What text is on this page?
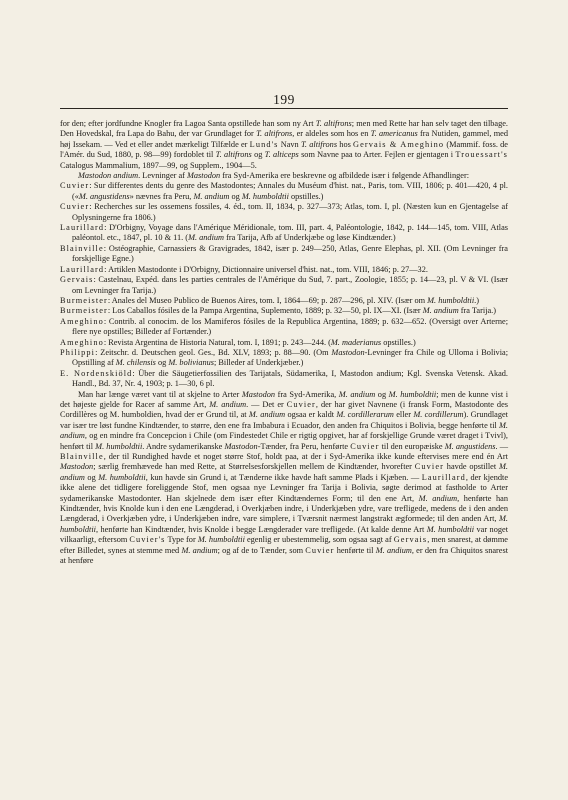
199

for den; efter jordfundne Knogler fra Lagoa Santa opstillede han som ny Art T. altifrons; men med Rette har han selv taget den tilbage. Den Hovedskal, fra Lapa do Bahu, der var Grundlaget for T. altifrons, er aldeles som hos en T. americanus fra Nutiden, gammel, med høj Issekam. — Ved et eller andet mærkeligt Tilfælde er Lund's Navn T. altifrons hos Gervais & Ameghino (Mammif. foss. de l'Amér. du Sud, 1880, p. 98—99) fordoblet til T. altifrons og T. alticeps som Navne paa to Arter. Fejlen er gjentagen i Trouessart's Catalogus Mammalium, 1897—99, og Supplem., 1904—5.

Mastodon andium. Levninger af Mastodon fra Syd-Amerika ere beskrevne og afbildede især i følgende Afhandlinger:

Cuvier: Sur differentes dents du genre des Mastodontes; Annales du Muséum d'hist. nat., Paris, tom. VIII, 1806; p. 401—420, 4 pl. («M. angustidens» nævnes fra Peru, M. andium og M. humboldtii opstilles.)

Cuvier: Recherches sur les ossemens fossiles, 4. éd., tom. II, 1834, p. 327—373; Atlas, tom. I, pl. (Næsten kun en Gjentagelse af Oplysningerne fra 1806.)

Laurillard: D'Orbigny, Voyage dans l'Amérique Méridionale, tom. III, part. 4, Paléontologie, 1842, p. 144—145, tom. VIII, Atlas paléontol. etc., 1847, pl. 10 & 11. (M. andium fra Tarija, Afb af Underkjæbe og løse Kindtænder.)

Blainville: Ostéographie, Carnassiers & Gravigrades, 1842, især p. 249—250, Atlas, Genre Elephas, pl. XII. (Om Levninger fra forskjellige Egne.)

Laurillard: Artiklen Mastodonte i D'Orbigny, Dictionnaire universel d'hist. nat., tom. VIII, 1846; p. 27—32.

Gervais: Castelnau, Expéd. dans les parties centrales de l'Amérique du Sud, 7. part., Zoologie, 1855; p. 14—23, pl. V & VI. (Især om Levninger fra Tarija.)

Burmeister: Anales del Museo Publico de Buenos Aires, tom. I, 1864—69; p. 287—296, pl. XIV. (Især om M. humboldtii.)

Burmeister: Los Caballos fósiles de la Pampa Argentina, Suplemento, 1889; p. 32—50, pl. IX—XI. (Især M. andium fra Tarija.)

Ameghino: Contrib. al conocim. de los Mamiferos fósiles de la Republica Argentina, 1889; p. 632—652. (Oversigt over Arterne; flere nye opstilles; Billeder af Fortænder.)

Ameghino: Revista Argentina de Historia Natural, tom. I, 1891; p. 243—244. (M. maderianus opstilles.)

Philippi: Zeitschr. d. Deutschen geol. Ges., Bd. XLV, 1893; p. 88—90. (Om Mastodon-Levninger fra Chile og Ulloma i Bolivia; Opstilling af M. chilensis og M. bolivianus; Billeder af Underkjæber.)

E. Nordenskiöld: Über die Säugetierfossilien des Tarijatals, Südamerika, I, Mastodon andium; Kgl. Svenska Vetensk. Akad. Handl., Bd. 37, Nr. 4, 1903; p. 1—30, 6 pl.

Man har længe været vant til at skjelne to Arter Mastodon fra Syd-Amerika, M. andium og M. humboldtii; men de kunne vist i det højeste gjelde for Racer af samme Art, M. andium. — Det er Cuvier, der har givet Navnene (i fransk Form, Mastodonte des Cordillères og M. humboldien, hvad der er Grund til, at M. andium ogsaa er kaldt M. cordillerarum eller M. cordillerum). Grundlaget var især tre løst fundne Kindtænder, to større, den ene fra Imbabura i Ecuador, den anden fra Chiquitos i Bolivia, begge henførte til M. andium, og en mindre fra Concepcion i Chile (om Findestedet Chile er rigtig opgivet, har af forskjellige Grunde været draget i Tvivl), henført til M. humboldtii. Andre sydamerikanske Mastodon-Tænder, fra Peru, henførte Cuvier til den europæiske M. angustidens. — Blainville, der til Rundighed havde et noget større Stof, holdt paa, at der i Syd-Amerika ikke kunde eftervises mere end én Art Mastodon; særlig fremhævede han med Rette, at Størrelsesforskjellen mellem de Kindtænder, hvorefter Cuvier havde opstillet M. andium og M. humboldtii, kun havde sin Grund i, at Tænderne ikke havde haft samme Plads i Kjæben. — Laurillard, der kjendte ikke alene det tidligere foreliggende Stof, men ogsaa nye Levninger fra Tarija i Bolivia, søgte derimod at fastholde to Arter sydamerikanske Mastodonter. Han skjelnede dem især efter Kindtændernes Form; til den ene Art, M. andium, henførte han Kindtænder, hvis Knolde kun i den ene Længderad, i Overkjæben indre, i Underkjæben ydre, vare trefligede, medens de i den anden Længderad, i Overkjæben ydre, i Underkjæben indre, vare simplere, i Tværsnit nærmest langstrakt ægformede; til den anden Art, M. humboldtii, henførte han Kindtænder, hvis Knolde i begge Længderader vare trefligede. (At kalde denne Art M. humboldtii var noget vilkaarligt, eftersom Cuvier's Type for M. humboldtii egenlig er ubestemmelig, som ogsaa sagt af Gervais, men snarest, at dømme efter Billedet, synes at stemme med M. andium; og af de to Tænder, som Cuvier henførte til M. andium, er den fra Chiquitos snarest at henføre
